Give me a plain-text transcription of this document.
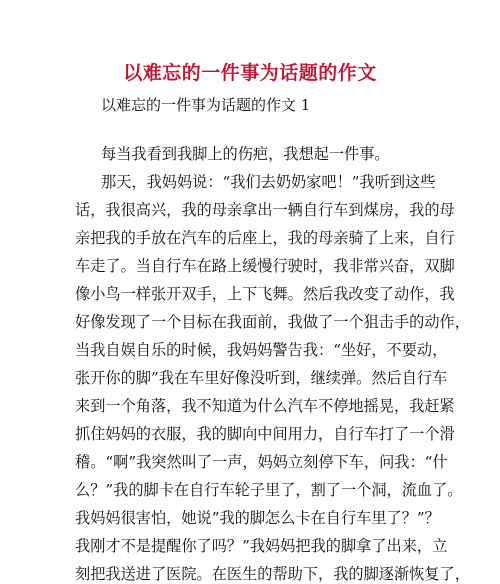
以难忘的一件事为话题的作文
以难忘的一件事为话题的作文 1
每当我看到我脚上的伤疤，我想起一件事。
那天，我妈妈说：“我们去奶奶家吧！”我听到这些
话，我很高兴，我的母亲拿出一辆自行车到煤房，我的母
亲把我的手放在汽车的后座上，我的母亲骑了上来，自行
车走了。当自行车在路上缓慢行驶时，我非常兴奋，双脚
像小鸟一样张开双手，上下飞舞。然后我改变了动作，我
好像发现了一个目标在我面前，我做了一个狙击手的动作，
当我自娱自乐的时候，我妈妈警告我：“坐好，不要动，
张开你的脚”我在车里好像没听到，继续弹。然后自行车
来到一个角落，我不知道为什么汽车不停地摇晃，我赶紧
抓住妈妈的衣服，我的脚向中间用力，自行车打了一个滑
稽。“啊”我突然叫了一声，妈妈立刻停下车，问我：“什
么？”我的脚卡在自行车轮子里了，割了一个洞，流血了。
我妈妈很害怕，她说”我的脚怎么卡在自行车里了？”？
我刚才不是提醒你了吗？”我妈妈把我的脚拿了出来，立
刻把我送进了医院。在医生的帮助下，我的脚逐渐恢复了，
